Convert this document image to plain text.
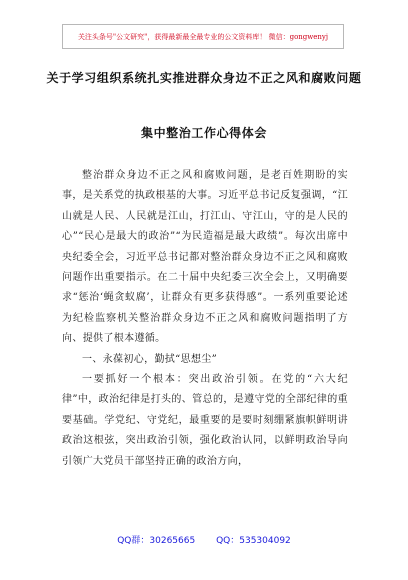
关注头条号"公文研究"，获得最新最全最专业的公文资料库！ 微信：gongwenyj
关于学习组织系统扎实推进群众身边不正之风和腐败问题
集中整治工作心得体会

整治群众身边不正之风和腐败问题，是老百姓期盼的实事，是关系党的执政根基的大事。习近平总书记反复强调，“江山就是人民、人民就是江山，打江山、守江山，守的是人民的心”“民心是最大的政治”“为民造福是最大政绩”。每次出席中央纪委全会，习近平总书记都对整治群众身边不正之风和腐败问题作出重要指示。在二十届中央纪委三次全会上，又明确要求“惩治‘蝇贪蚁腐’，让群众有更多获得感”。一系列重要论述为纪检监察机关整治群众身边不正之风和腐败问题指明了方向、提供了根本遵循。

一、永葆初心，勤拭“思想尘”

一要抓好一个根本：突出政治引领。在党的“六大纪律”中，政治纪律是打头的、管总的，是遵守党的全部纪律的重要基础。学党纪、守党纪，最重要的是要时刻绷紧旗帜鲜明讲政治这根弦，突出政治引领，强化政治认同，以鲜明政治导向引领广大党员干部坚持正确的政治方向，

QQ群：30265665 QQ：535304092
